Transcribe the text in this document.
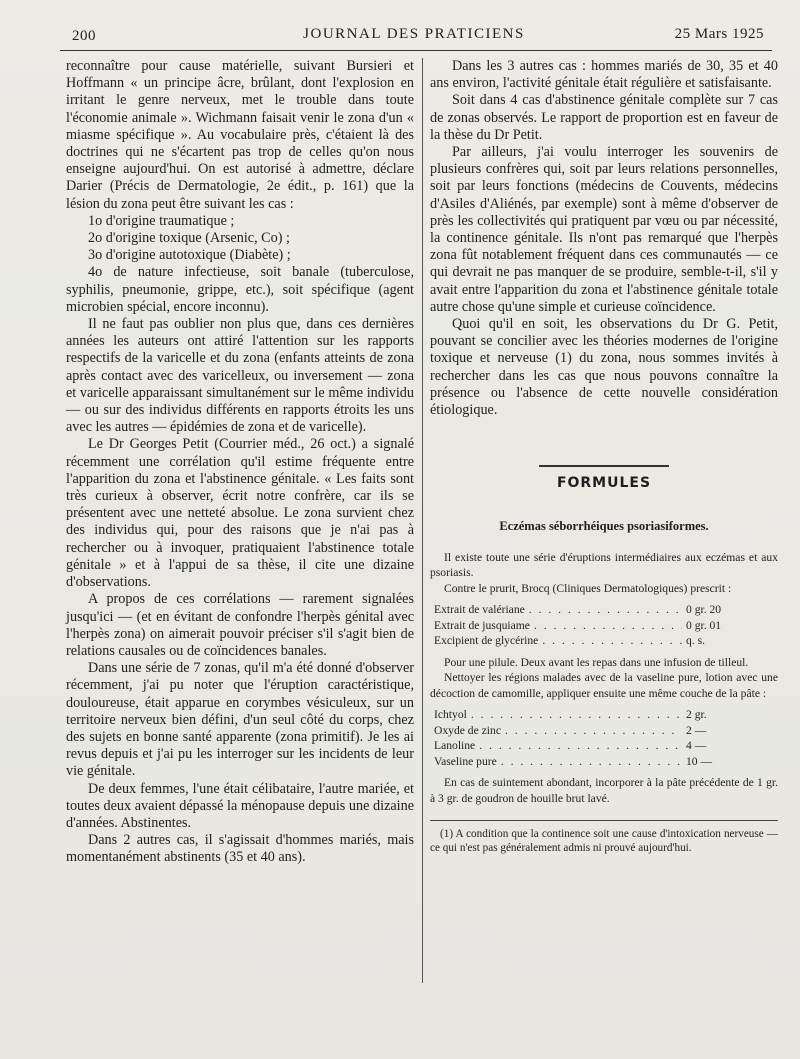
200	JOURNAL DES PRATICIENS	25 Mars 1925

reconnaître pour cause matérielle, suivant Bursieri et Hoffmann « un principe âcre, brûlant, dont l'explosion en irritant le genre nerveux, met le trouble dans toute l'économie animale ». Wichmann faisait venir le zona d'un « miasme spécifique ». Au vocabulaire près, c'étaient là des doctrines qui ne s'écartent pas trop de celles qu'on nous enseigne aujourd'hui. On est autorisé à admettre, déclare Darier (Précis de Dermatologie, 2e édit., p. 161) que la lésion du zona peut être suivant les cas :

1o d'origine traumatique ;

2o d'origine toxique (Arsenic, Co) ;

3o d'origine autotoxique (Diabète) ;

4o de nature infectieuse, soit banale (tuberculose, syphilis, pneumonie, grippe, etc.), soit spécifique (agent microbien spécial, encore inconnu).

Il ne faut pas oublier non plus que, dans ces dernières années les auteurs ont attiré l'attention sur les rapports respectifs de la varicelle et du zona (enfants atteints de zona après contact avec des varicelleux, ou inversement — zona et varicelle apparaissant simultanément sur le même individu — ou sur des individus différents en rapports étroits les uns avec les autres — épidémies de zona et de varicelle).

Le Dr Georges Petit (Courrier méd., 26 oct.) a signalé récemment une corrélation qu'il estime fréquente entre l'apparition du zona et l'abstinence génitale. « Les faits sont très curieux à observer, écrit notre confrère, car ils se présentent avec une netteté absolue. Le zona survient chez des individus qui, pour des raisons que je n'ai pas à rechercher ou à invoquer, pratiquaient l'abstinence totale génitale » et à l'appui de sa thèse, il cite une dizaine d'observations.

A propos de ces corrélations — rarement signalées jusqu'ici — (et en évitant de confondre l'herpès génital avec l'herpès zona) on aimerait pouvoir préciser s'il s'agit bien de relations causales ou de coïncidences banales.

Dans une série de 7 zonas, qu'il m'a été donné d'observer récemment, j'ai pu noter que l'éruption caractéristique, douloureuse, était apparue en corymbes vésiculeux, sur un territoire nerveux bien défini, d'un seul côté du corps, chez des sujets en bonne santé apparente (zona primitif). Je les ai revus depuis et j'ai pu les interroger sur les incidents de leur vie génitale.

De deux femmes, l'une était célibataire, l'autre mariée, et toutes deux avaient dépassé la ménopause depuis une dizaine d'années. Abstinentes.

Dans 2 autres cas, il s'agissait d'hommes mariés, mais momentanément abstinents (35 et 40 ans).

Dans les 3 autres cas : hommes mariés de 30, 35 et 40 ans environ, l'activité génitale était régulière et satisfaisante.

Soit dans 4 cas d'abstinence génitale complète sur 7 cas de zonas observés. Le rapport de proportion est en faveur de la thèse du Dr Petit.

Par ailleurs, j'ai voulu interroger les souvenirs de plusieurs confrères qui, soit par leurs relations personnelles, soit par leurs fonctions (médecins de Couvents, médecins d'Asiles d'Aliénés, par exemple) sont à même d'observer de près les collectivités qui pratiquent par vœu ou par nécessité, la continence génitale. Ils n'ont pas remarqué que l'herpès zona fût notablement fréquent dans ces communautés — ce qui devrait ne pas manquer de se produire, semble-t-il, s'il y avait entre l'apparition du zona et l'abstinence génitale totale autre chose qu'une simple et curieuse coïncidence.

Quoi qu'il en soit, les observations du Dr G. Petit, pouvant se concilier avec les théories modernes de l'origine toxique et nerveuse (1) du zona, nous sommes invités à rechercher dans les cas que nous pouvons connaître la présence ou l'absence de cette nouvelle considération étiologique.

FORMULES
Eczémas séborrhéiques psoriasiformes.

Il existe toute une série d'éruptions intermédiaires aux eczémas et aux psoriasis.

Contre le prurit, Brocq (Cliniques Dermatologiques) prescrit :

Extrait de valériane . . .	0 gr. 20
Extrait de jusquiame . . .	0 gr. 01
Excipient de glycérine . . .	q. s.

Pour une pilule. Deux avant les repas dans une infusion de tilleul.

Nettoyer les régions malades avec de la vaseline pure, lotion avec une décoction de camomille, appliquer ensuite une même couche de la pâte :

Ichtyol . . .	2 gr.
Oxyde de zinc . . .	2 —
Lanoline . . .	4 —
Vaseline pure . . .	10 —

En cas de suintement abondant, incorporer à la pâte précédente de 1 gr. à 3 gr. de goudron de houille brut lavé.

(1) A condition que la continence soit une cause d'intoxication nerveuse — ce qui n'est pas généralement admis ni prouvé aujourd'hui.
